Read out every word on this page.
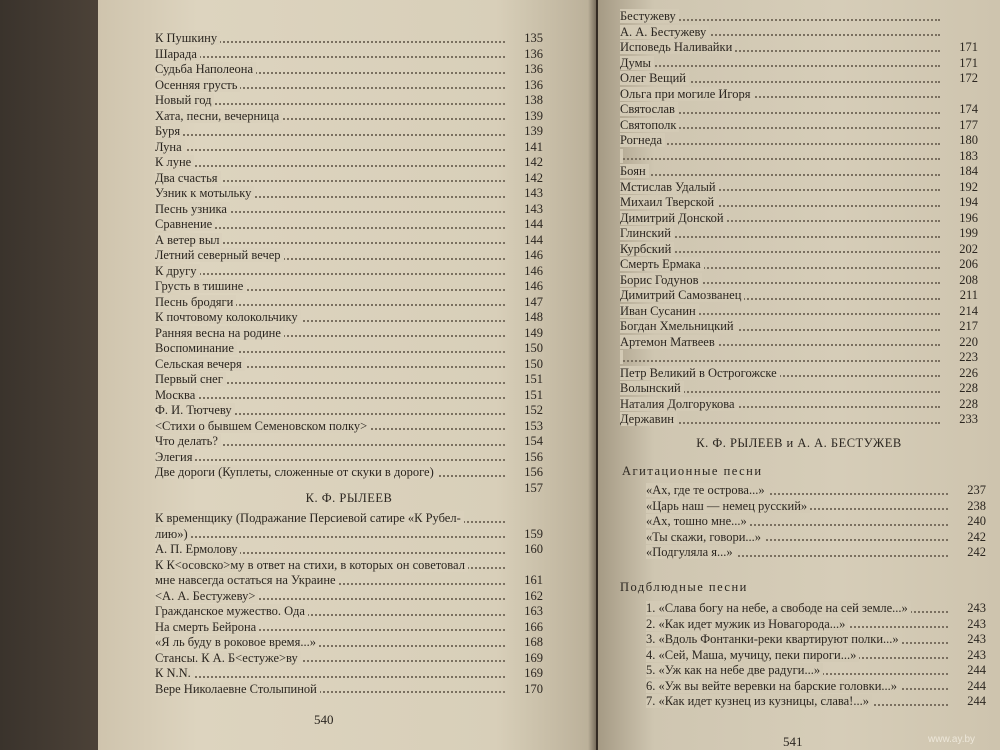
К Пушкину	135
Шарада	136
Судьба Наполеона	136
Осенняя грусть	136
Новый год	138
Хата, песни, вечерница	139
Буря	139
Луна	141
К луне	142
Два счастья	142
Узник к мотыльку	143
Песнь узника	143
Сравнение	144
А ветер выл	144
Летний северный вечер	146
К другу	146
Грусть в тишине	146
Песнь бродяги	147
К почтовому колокольчику	148
Ранняя весна на родине	149
Воспоминание	150
Сельская вечеря	150
Первый снег	151
Москва	151
Ф. И. Тютчеву	152
<Стихи о бывшем Семеновском полку>	153
Что делать?	154
Элегия	156
Две дороги (Куплеты, сложенные от скуки в дороге)	156
157
К. Ф. РЫЛЕЕВ
К временщику (Подражание Персиевой сатире «К Рубел-
лию»)	159
А. П. Ермолову	160
К К<осовско>му в ответ на стихи, в которых он советовал
мне навсегда остаться на Украине	161
<А. А. Бестужеву>	162
Гражданское мужество. Ода	163
На смерть Бейрона	166
«Я ль буду в роковое время...»	168
Стансы. К А. Б<естуже>ву	169
К N.N.	169
Вере Николаевне Столыпиной	170
540
Бестужеву
А. А. Бестужеву
Исповедь Наливайки	171
Думы	171
Олег Вещий	172
Ольга при могиле Игоря
Святослав	174
Святополк	177
Рогнеда	180
183
Боян	184
Мстислав Удалый	192
Михаил Тверской	194
Димитрий Донской	196
Глинский	199
Курбский	202
Смерть Ермака	206
Борис Годунов	208
Димитрий Самозванец	211
Иван Сусанин	214
Богдан Хмельницкий	217
Артемон Матвеев	220
223
Петр Великий в Острогожске	226
Волынский	228
Наталия Долгорукова	228
Державин	233
К. Ф. РЫЛЕЕВ и А. А. БЕСТУЖЕВ
Агитационные песни
«Ах, где те острова...»	237
«Царь наш — немец русский»	238
«Ах, тошно мне...»	240
«Ты скажи, говори...»	242
«Подгуляла я...»	242
Подблюдные песни
1. «Слава богу на небе, а свободе на сей земле...»	243
2. «Как идет мужик из Новагорода...»	243
3. «Вдоль Фонтанки-реки квартируют полки...»	243
4. «Сей, Маша, мучицу, пеки пироги...»	243
5. «Уж как на небе две радуги...»	244
6. «Уж вы вейте веревки на барские головки...»	244
7. «Как идет кузнец из кузницы, слава!...»	244
541	www.ay.by
